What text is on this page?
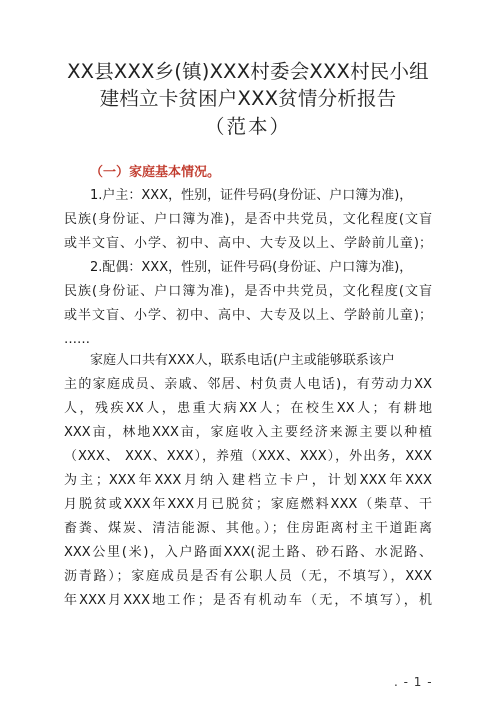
XX县XXX乡(镇)XXX村委会XXX村民小组
建档立卡贫困户XXX贫情分析报告
（范本）
（一）家庭基本情况。
1.户主：XXX，性别，证件号码(身份证、户口簿为准)，
民族(身份证、户口簿为准)，是否中共党员，文化程度(文盲
或半文盲、小学、初中、高中、大专及以上、学龄前儿童)；
2.配偶：XXX，性别，证件号码(身份证、户口簿为准)，
民族(身份证、户口簿为准)，是否中共党员，文化程度(文盲
或半文盲、小学、初中、高中、大专及以上、学龄前儿童)；
……
家庭人口共有XXX人，联系电话(户主或能够联系该户
主的家庭成员、亲戚、邻居、村负责人电话)，有劳动力XX
人，残疾XX人，患重大病XX人；在校生XX人；有耕地
XXX亩，林地XXX亩，家庭收入主要经济来源主要以种植
（XXX、 XXX、XXX），养殖（XXX、XXX），外出务，XXX
为主；XXX年XXX月纳入建档立卡户，计划XXX年XXX
月脱贫或XXX年XXX月已脱贫；家庭燃料XXX（柴草、干
畜粪、煤炭、清洁能源、其他。）；住房距离村主干道距离
XXX公里(米)，入户路面XXX(泥土路、砂石路、水泥路、
沥青路）；家庭成员是否有公职人员（无，不填写），XXX
年XXX月XXX地工作；是否有机动车（无，不填写），机
. - 1 -
